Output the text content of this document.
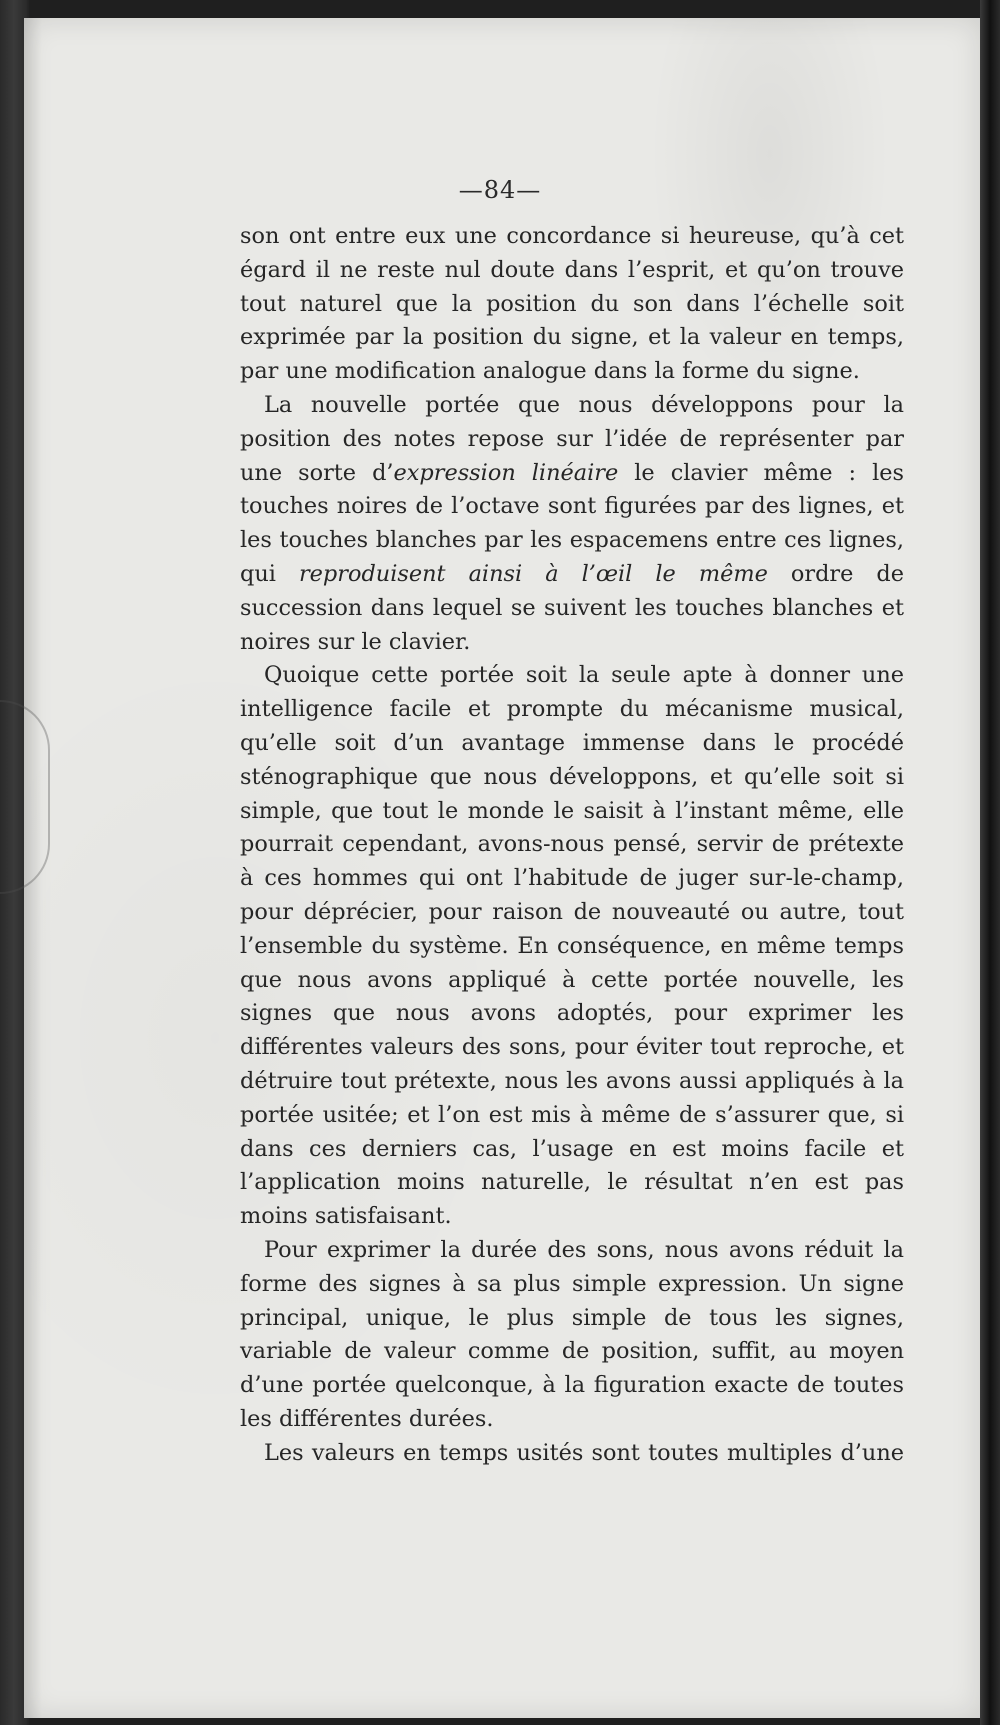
—84—

son ont entre eux une concordance si heureuse, qu’à cet égard il ne reste nul doute dans l’esprit, et qu’on trouve tout naturel que la position du son dans l’échelle soit exprimée par la position du signe, et la valeur en temps, par une modification analogue dans la forme du signe.

La nouvelle portée que nous développons pour la position des notes repose sur l’idée de représenter par une sorte d’expression linéaire le clavier même : les touches noires de l’octave sont figurées par des lignes, et les touches blanches par les espacemens entre ces lignes, qui reproduisent ainsi à l’œil le même ordre de succession dans lequel se suivent les touches blanches et noires sur le clavier.

Quoique cette portée soit la seule apte à donner une intelligence facile et prompte du mécanisme musical, qu’elle soit d’un avantage immense dans le procédé sténographique que nous développons, et qu’elle soit si simple, que tout le monde le saisit à l’instant même, elle pourrait cependant, avons-nous pensé, servir de prétexte à ces hommes qui ont l’habitude de juger sur-le-champ, pour déprécier, pour raison de nouveauté ou autre, tout l’ensemble du système. En conséquence, en même temps que nous avons appliqué à cette portée nouvelle, les signes que nous avons adoptés, pour exprimer les différentes valeurs des sons, pour éviter tout reproche, et détruire tout prétexte, nous les avons aussi appliqués à la portée usitée; et l’on est mis à même de s’assurer que, si dans ces derniers cas, l’usage en est moins facile et l’application moins naturelle, le résultat n’en est pas moins satisfaisant.

Pour exprimer la durée des sons, nous avons réduit la forme des signes à sa plus simple expression. Un signe principal, unique, le plus simple de tous les signes, variable de valeur comme de position, suffit, au moyen d’une portée quelconque, à la figuration exacte de toutes les différentes durées.

Les valeurs en temps usités sont toutes multiples d’une
